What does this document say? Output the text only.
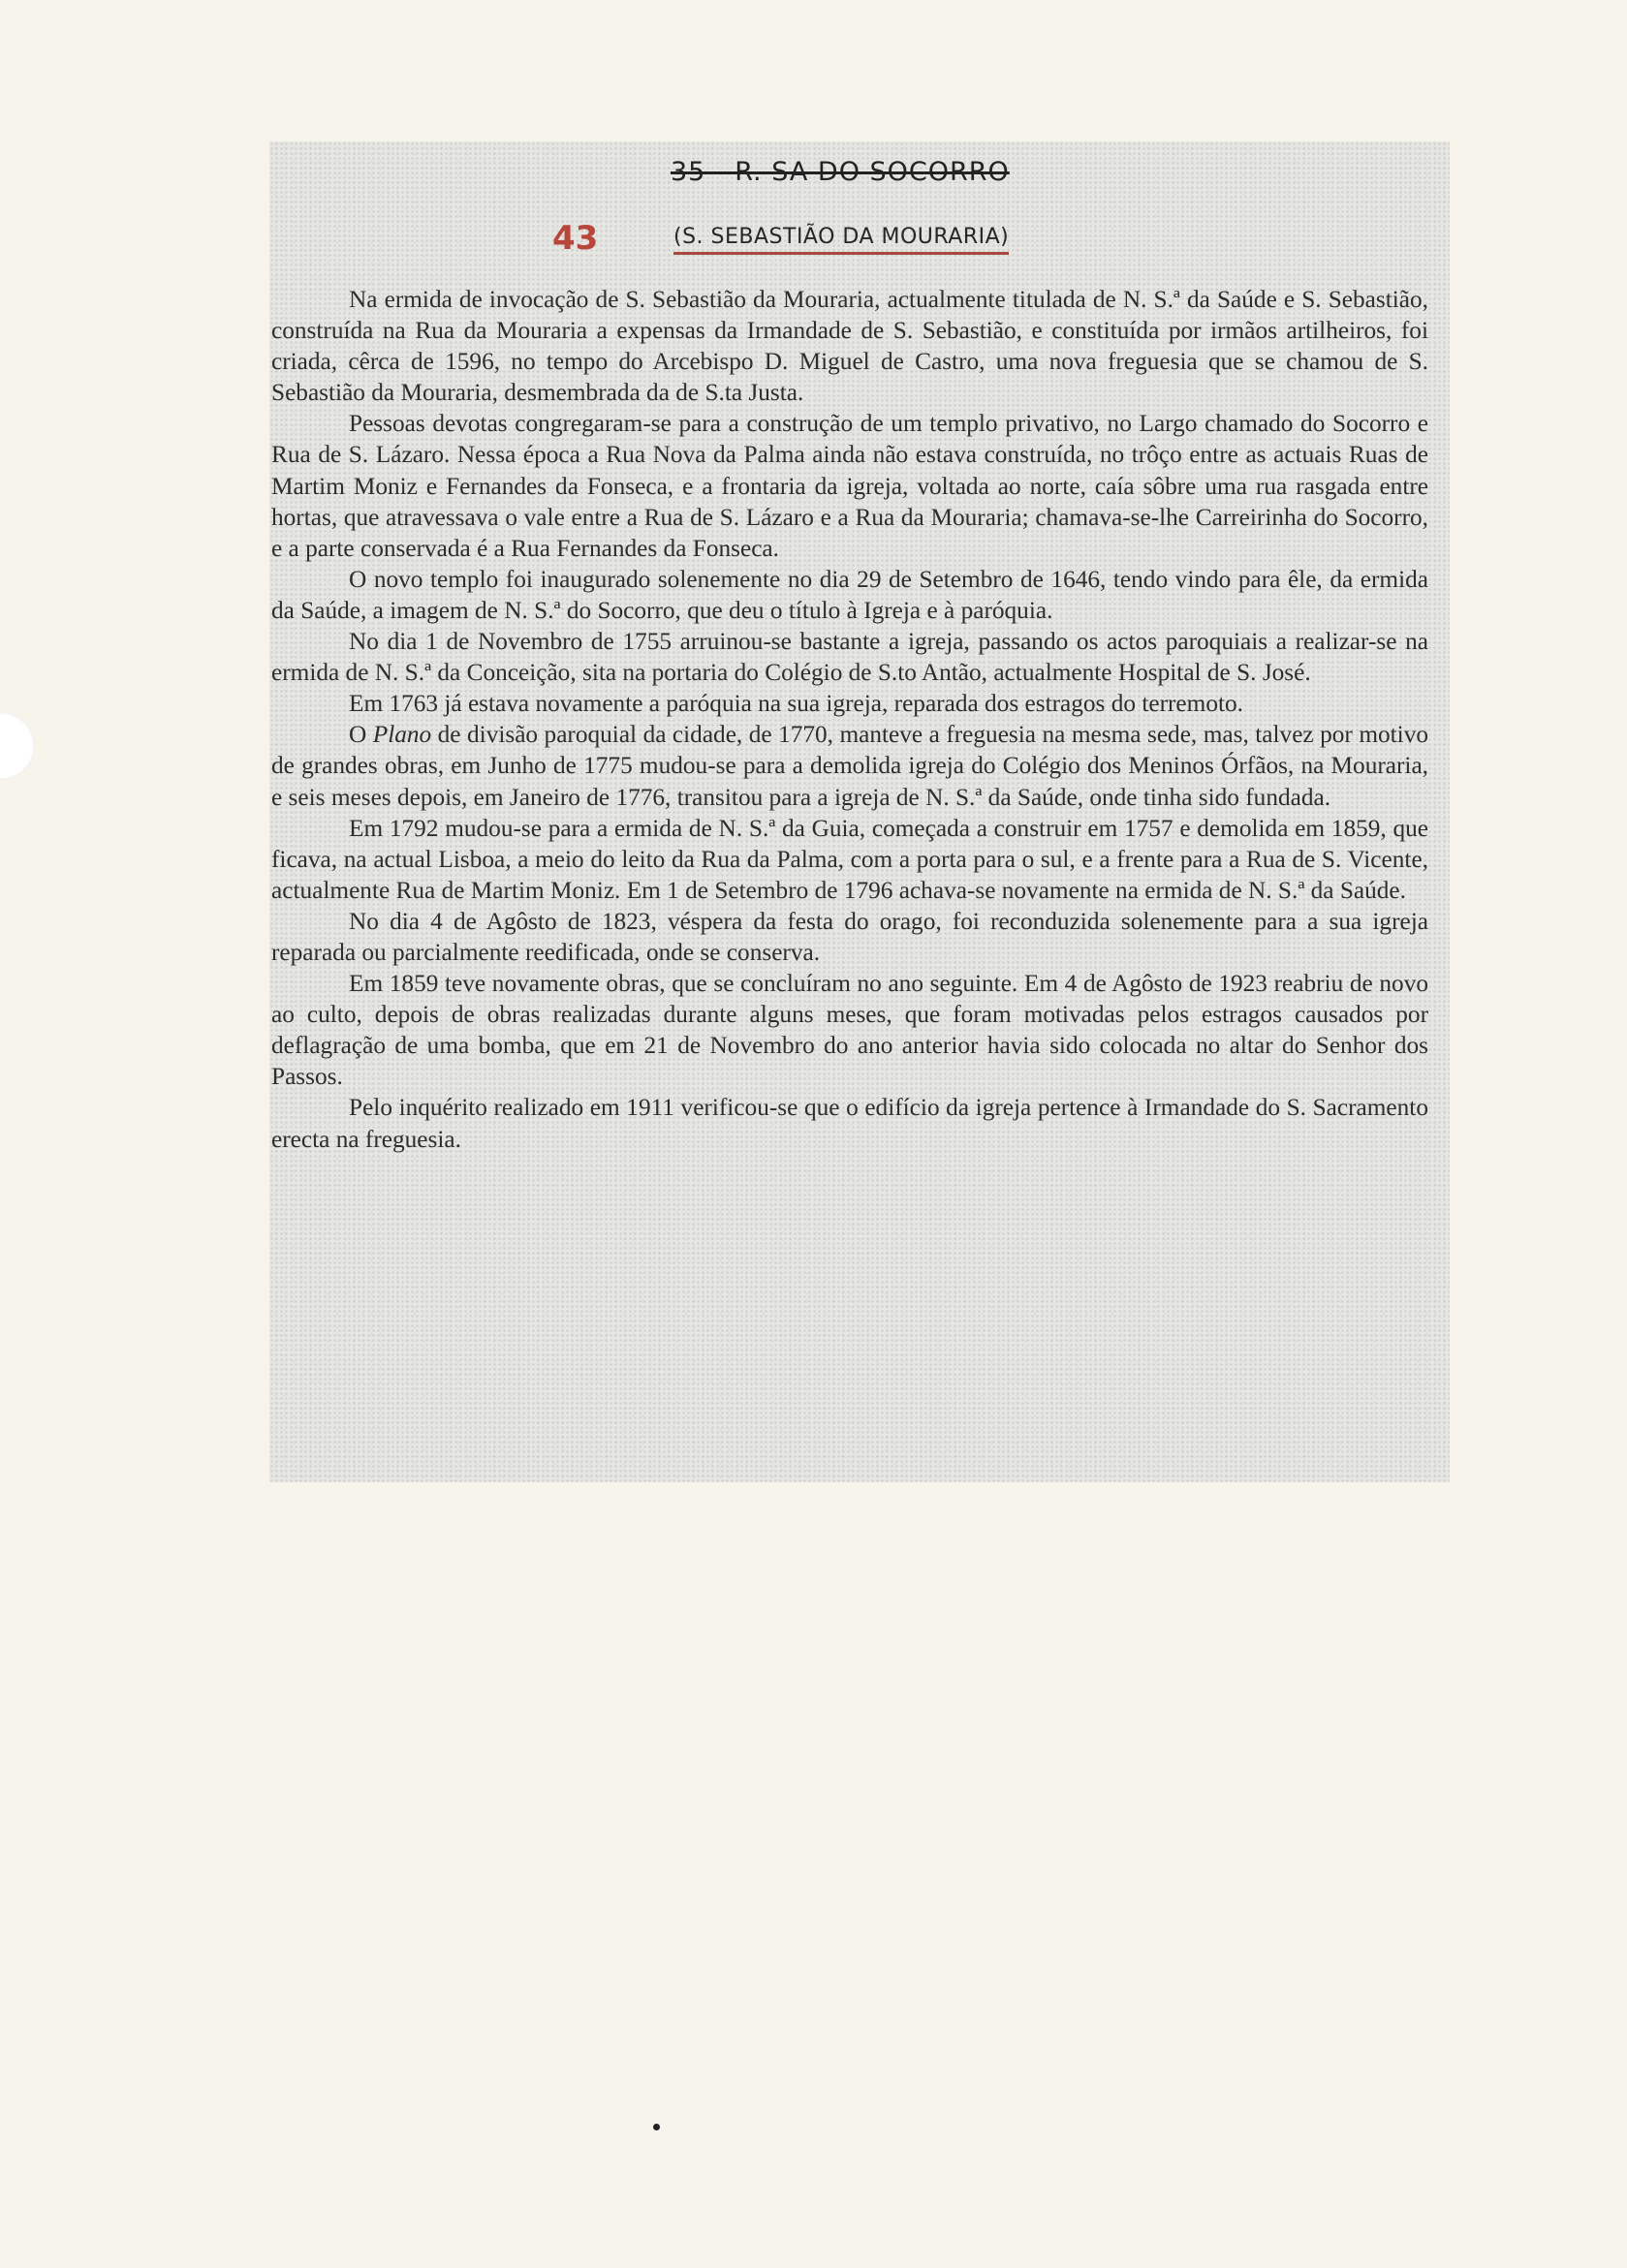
35 - R. SA DO SOCORRO
43	(S. SEBASTIÃO DA MOURARIA)

Na ermida de invocação de S. Sebastião da Mouraria, actualmente titulada de N. S.ª da Saúde e S. Sebastião, construída na Rua da Mouraria a expensas da Irmandade de S. Sebastião, e constituída por irmãos artilheiros, foi criada, cêrca de 1596, no tempo do Arcebispo D. Miguel de Castro, uma nova freguesia que se chamou de S. Sebastião da Mouraria, desmembrada da de S.ta Justa.

Pessoas devotas congregaram-se para a construção de um templo privativo, no Largo chamado do Socorro e Rua de S. Lázaro. Nessa época a Rua Nova da Palma ainda não estava construída, no trôço entre as actuais Ruas de Martim Moniz e Fernandes da Fonseca, e a frontaria da igreja, voltada ao norte, caía sôbre uma rua rasgada entre hortas, que atravessava o vale entre a Rua de S. Lázaro e a Rua da Mouraria; chamava-se-lhe Carreirinha do Socorro, e a parte conservada é a Rua Fernandes da Fonseca.

O novo templo foi inaugurado solenemente no dia 29 de Setembro de 1646, tendo vindo para êle, da ermida da Saúde, a imagem de N. S.ª do Socorro, que deu o título à Igreja e à paróquia.

No dia 1 de Novembro de 1755 arruinou-se bastante a igreja, passando os actos paroquiais a realizar-se na ermida de N. S.ª da Conceição, sita na portaria do Colégio de S.to Antão, actualmente Hospital de S. José.

Em 1763 já estava novamente a paróquia na sua igreja, reparada dos estragos do terremoto.

O Plano de divisão paroquial da cidade, de 1770, manteve a freguesia na mesma sede, mas, talvez por motivo de grandes obras, em Junho de 1775 mudou-se para a demolida igreja do Colégio dos Meninos Órfãos, na Mouraria, e seis meses depois, em Janeiro de 1776, transitou para a igreja de N. S.ª da Saúde, onde tinha sido fundada.

Em 1792 mudou-se para a ermida de N. S.ª da Guia, começada a construir em 1757 e demolida em 1859, que ficava, na actual Lisboa, a meio do leito da Rua da Palma, com a porta para o sul, e a frente para a Rua de S. Vicente, actualmente Rua de Martim Moniz. Em 1 de Setembro de 1796 achava-se novamente na ermida de N. S.ª da Saúde.

No dia 4 de Agôsto de 1823, véspera da festa do orago, foi reconduzida solenemente para a sua igreja reparada ou parcialmente reedificada, onde se conserva.

Em 1859 teve novamente obras, que se concluíram no ano seguinte. Em 4 de Agôsto de 1923 reabriu de novo ao culto, depois de obras realizadas durante alguns meses, que foram motivadas pelos estragos causados por deflagração de uma bomba, que em 21 de Novembro do ano anterior havia sido colocada no altar do Senhor dos Passos.

Pelo inquérito realizado em 1911 verificou-se que o edifício da igreja pertence à Irmandade do S. Sacramento erecta na freguesia.
